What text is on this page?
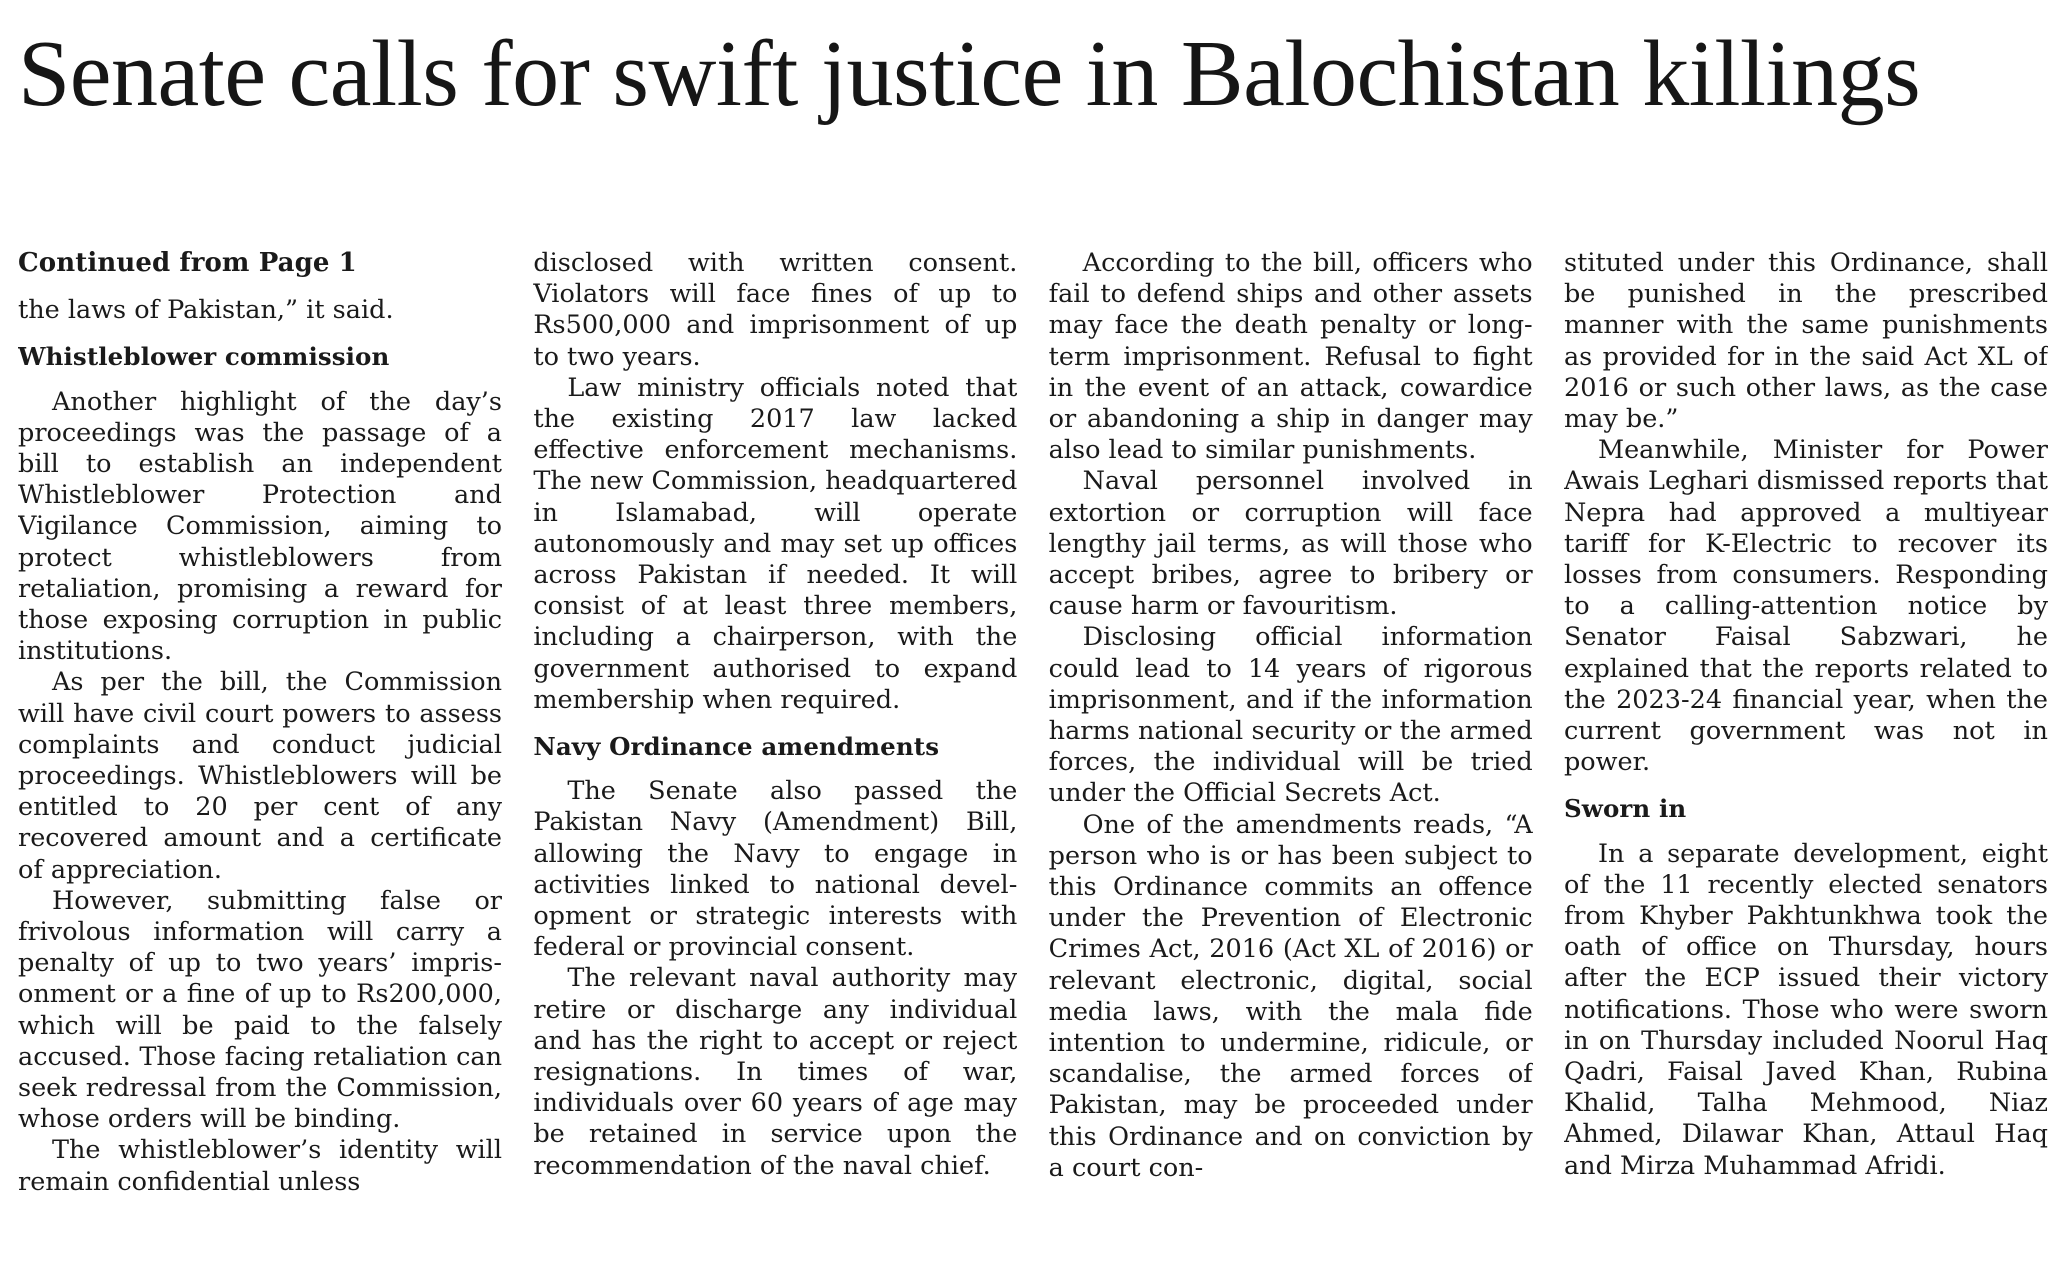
Senate calls for swift justice in Balochistan killings
Continued from Page 1

the laws of Pakistan,” it said.

Whistleblower commission

Another highlight of the day’s proceedings was the passage of a bill to establish an independent Whistleblower Protection and Vigilance Commission, aiming to protect whistleblowers from retaliation, promising a reward for those exposing corruption in public institutions.

As per the bill, the Commission will have civil court powers to assess complaints and conduct judicial proceedings. Whistleblowers will be entitled to 20 per cent of any recovered amount and a certificate of appreciation.

However, submitting false or frivolous information will carry a penalty of up to two years’ imprisonment or a fine of up to Rs200,000, which will be paid to the falsely accused. Those facing retaliation can seek redressal from the Commission, whose orders will be binding.

The whistleblower’s identity will remain confidential unless

disclosed with written consent. Violators will face fines of up to Rs500,000 and imprisonment of up to two years.

Law ministry officials noted that the existing 2017 law lacked effective enforcement mechanisms. The new Commission, headquartered in Islamabad, will operate autonomously and may set up offices across Pakistan if needed. It will consist of at least three members, including a chairperson, with the government authorised to expand membership when required.

Navy Ordinance amendments

The Senate also passed the Pakistan Navy (Amendment) Bill, allowing the Navy to engage in activities linked to national development or strategic interests with federal or provincial consent.

The relevant naval authority may retire or discharge any individual and has the right to accept or reject resignations. In times of war, individuals over 60 years of age may be retained in service upon the recommendation of the naval chief.

According to the bill, officers who fail to defend ships and other assets may face the death penalty or long-term imprisonment. Refusal to fight in the event of an attack, cowardice or abandoning a ship in danger may also lead to similar punishments.

Naval personnel involved in extortion or corruption will face lengthy jail terms, as will those who accept bribes, agree to bribery or cause harm or favouritism.

Disclosing official information could lead to 14 years of rigorous imprisonment, and if the information harms national security or the armed forces, the individual will be tried under the Official Secrets Act.

One of the amendments reads, “A person who is or has been subject to this Ordinance commits an offence under the Prevention of Electronic Crimes Act, 2016 (Act XL of 2016) or relevant electronic, digital, social media laws, with the mala fide intention to undermine, ridicule, or scandalise, the armed forces of Pakistan, may be proceeded under this Ordinance and on conviction by a court con-

stituted under this Ordinance, shall be punished in the prescribed manner with the same punishments as provided for in the said Act XL of 2016 or such other laws, as the case may be.”

Meanwhile, Minister for Power Awais Leghari dismissed reports that Nepra had approved a multiyear tariff for K-Electric to recover its losses from consumers. Responding to a calling-attention notice by Senator Faisal Sabzwari, he explained that the reports related to the 2023-24 financial year, when the current government was not in power.

Sworn in

In a separate development, eight of the 11 recently elected senators from Khyber Pakhtunkhwa took the oath of office on Thursday, hours after the ECP issued their victory notifications. Those who were sworn in on Thursday included Noorul Haq Qadri, Faisal Javed Khan, Rubina Khalid, Talha Mehmood, Niaz Ahmed, Dilawar Khan, Attaul Haq and Mirza Muhammad Afridi.
